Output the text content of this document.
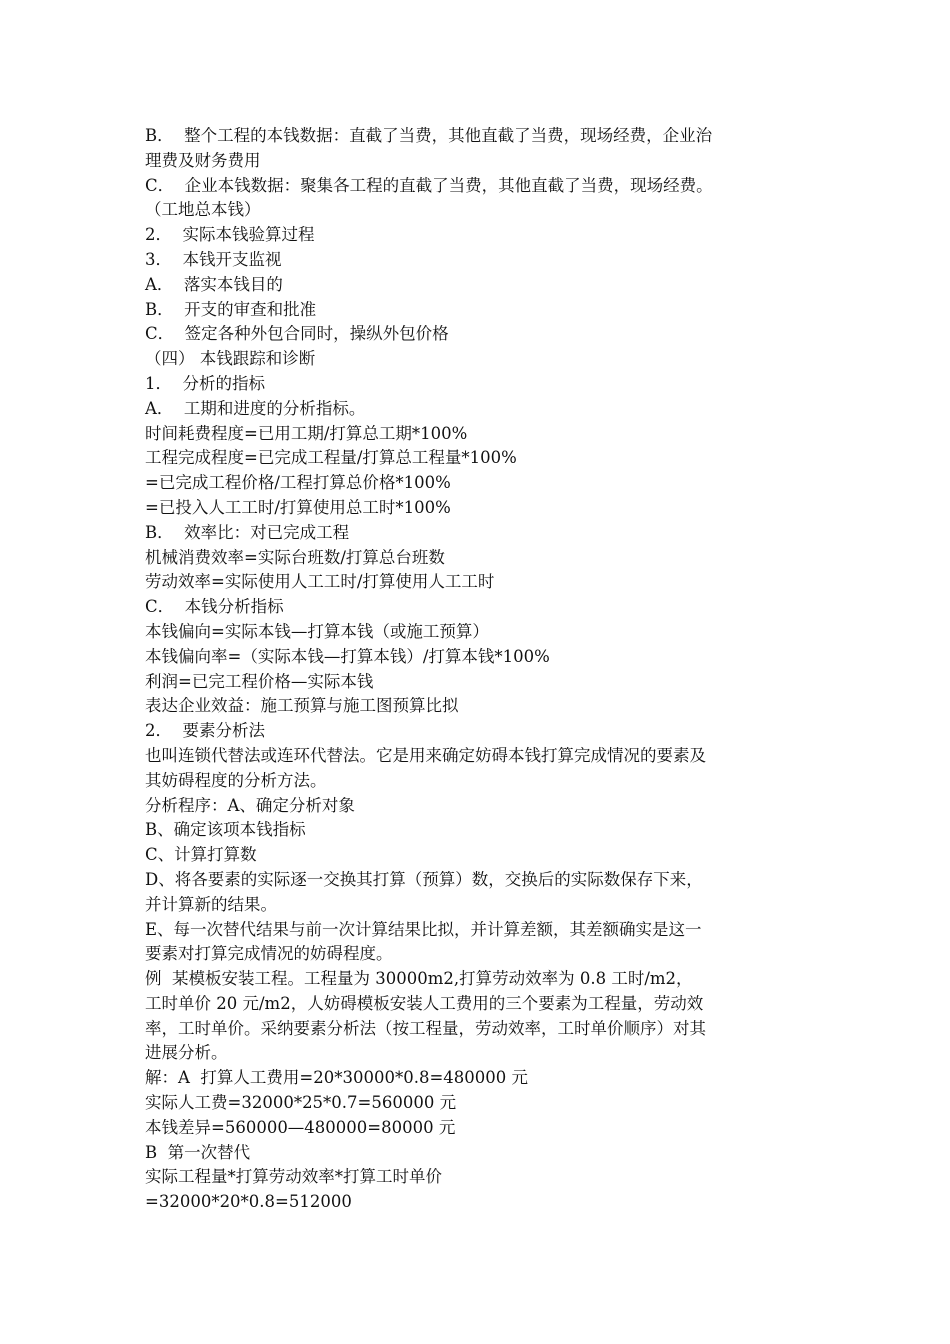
B．  整个工程的本钱数据：直截了当费，其他直截了当费，现场经费，企业治
理费及财务费用
C．  企业本钱数据：聚集各工程的直截了当费，其他直截了当费，现场经费。
（工地总本钱）
2．  实际本钱验算过程
3．  本钱开支监视
A．  落实本钱目的
B．  开支的审查和批准
C．  签定各种外包合同时，操纵外包价格
（四） 本钱跟踪和诊断
1．  分析的指标
A．  工期和进度的分析指标。
时间耗费程度=已用工期/打算总工期*100%
工程完成程度=已完成工程量/打算总工程量*100%
=已完成工程价格/工程打算总价格*100%
=已投入人工工时/打算使用总工时*100%
B．  效率比：对已完成工程
机械消费效率=实际台班数/打算总台班数
劳动效率=实际使用人工工时/打算使用人工工时
C．  本钱分析指标
本钱偏向=实际本钱—打算本钱（或施工预算）
本钱偏向率=（实际本钱—打算本钱）/打算本钱*100%
利润=已完工程价格—实际本钱
表达企业效益：施工预算与施工图预算比拟
2．  要素分析法
也叫连锁代替法或连环代替法。它是用来确定妨碍本钱打算完成情况的要素及
其妨碍程度的分析方法。
分析程序：A、确定分析对象
B、确定该项本钱指标
C、计算打算数
D、将各要素的实际逐一交换其打算（预算）数，交换后的实际数保存下来，
并计算新的结果。
E、每一次替代结果与前一次计算结果比拟，并计算差额，其差额确实是这一
要素对打算完成情况的妨碍程度。
例  某模板安装工程。工程量为 30000m2,打算劳动效率为 0.8 工时/m2，
工时单价 20 元/m2，人妨碍模板安装人工费用的三个要素为工程量，劳动效
率，工时单价。采纳要素分析法（按工程量，劳动效率，工时单价顺序）对其
进展分析。
解：A  打算人工费用=20*30000*0.8=480000 元
实际人工费=32000*25*0.7=560000 元
本钱差异=560000—480000=80000 元
B  第一次替代
实际工程量*打算劳动效率*打算工时单价
=32000*20*0.8=512000
